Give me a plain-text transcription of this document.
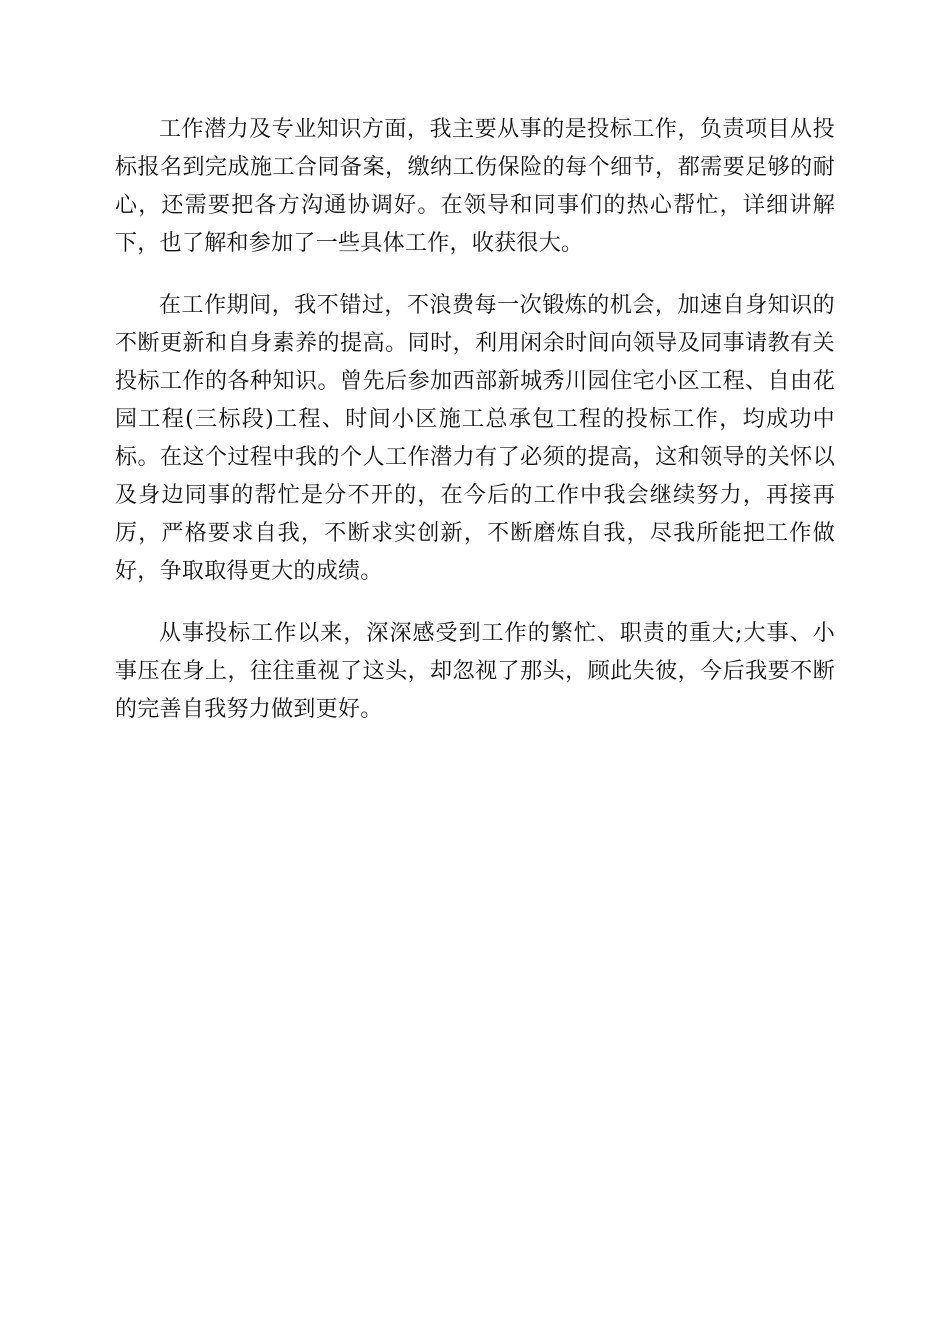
工作潜力及专业知识方面，我主要从事的是投标工作，负责项目从投标报名到完成施工合同备案，缴纳工伤保险的每个细节，都需要足够的耐心，还需要把各方沟通协调好。在领导和同事们的热心帮忙，详细讲解下，也了解和参加了一些具体工作，收获很大。

在工作期间，我不错过，不浪费每一次锻炼的机会，加速自身知识的不断更新和自身素养的提高。同时，利用闲余时间向领导及同事请教有关投标工作的各种知识。曾先后参加西部新城秀川园住宅小区工程、自由花园工程(三标段)工程、时间小区施工总承包工程的投标工作，均成功中标。在这个过程中我的个人工作潜力有了必须的提高，这和领导的关怀以及身边同事的帮忙是分不开的，在今后的工作中我会继续努力，再接再厉，严格要求自我，不断求实创新，不断磨炼自我，尽我所能把工作做好，争取取得更大的成绩。

从事投标工作以来，深深感受到工作的繁忙、职责的重大;大事、小事压在身上，往往重视了这头，却忽视了那头，顾此失彼，今后我要不断的完善自我努力做到更好。
